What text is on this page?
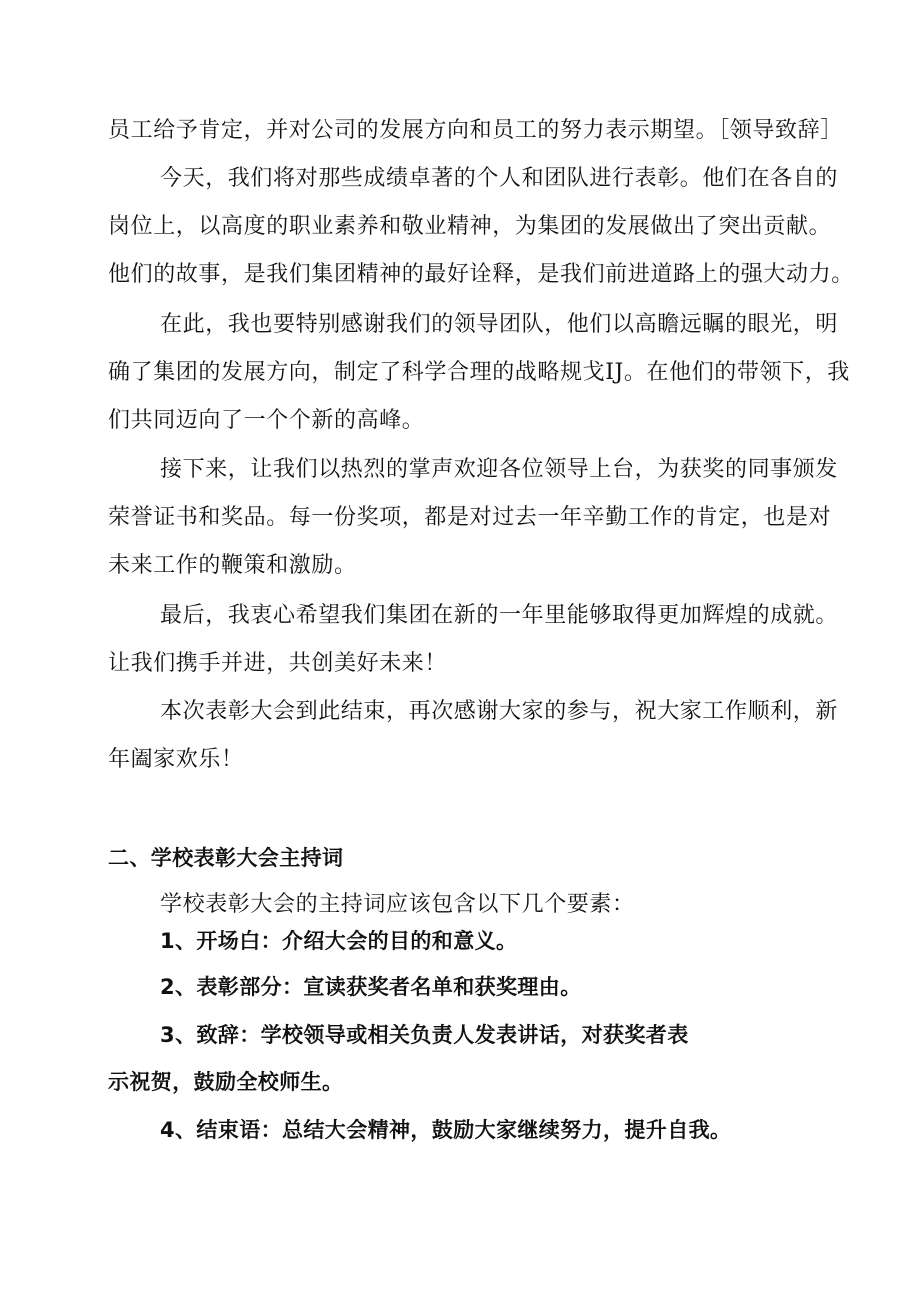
员工给予肯定，并对公司的发展方向和员工的努力表示期望。［领导致辞］
今天，我们将对那些成绩卓著的个人和团队进行表彰。他们在各自的
岗位上，以高度的职业素养和敬业精神，为集团的发展做出了突出贡献。
他们的故事，是我们集团精神的最好诠释，是我们前进道路上的强大动力。
在此，我也要特别感谢我们的领导团队，他们以高瞻远瞩的眼光，明
确了集团的发展方向，制定了科学合理的战略规戈IJ。在他们的带领下，我
们共同迈向了一个个新的高峰。
接下来，让我们以热烈的掌声欢迎各位领导上台，为获奖的同事颁发
荣誉证书和奖品。每一份奖项，都是对过去一年辛勤工作的肯定，也是对
未来工作的鞭策和激励。
最后，我衷心希望我们集团在新的一年里能够取得更加辉煌的成就。
让我们携手并进，共创美好未来！
本次表彰大会到此结束，再次感谢大家的参与，祝大家工作顺利，新
年阖家欢乐！
二、学校表彰大会主持词
学校表彰大会的主持词应该包含以下几个要素：
1、开场白：介绍大会的目的和意义。
2、表彰部分：宣读获奖者名单和获奖理由。
3、致辞：学校领导或相关负责人发表讲话，对获奖者表
示祝贺，鼓励全校师生。
4、结束语：总结大会精神，鼓励大家继续努力，提升自我。
